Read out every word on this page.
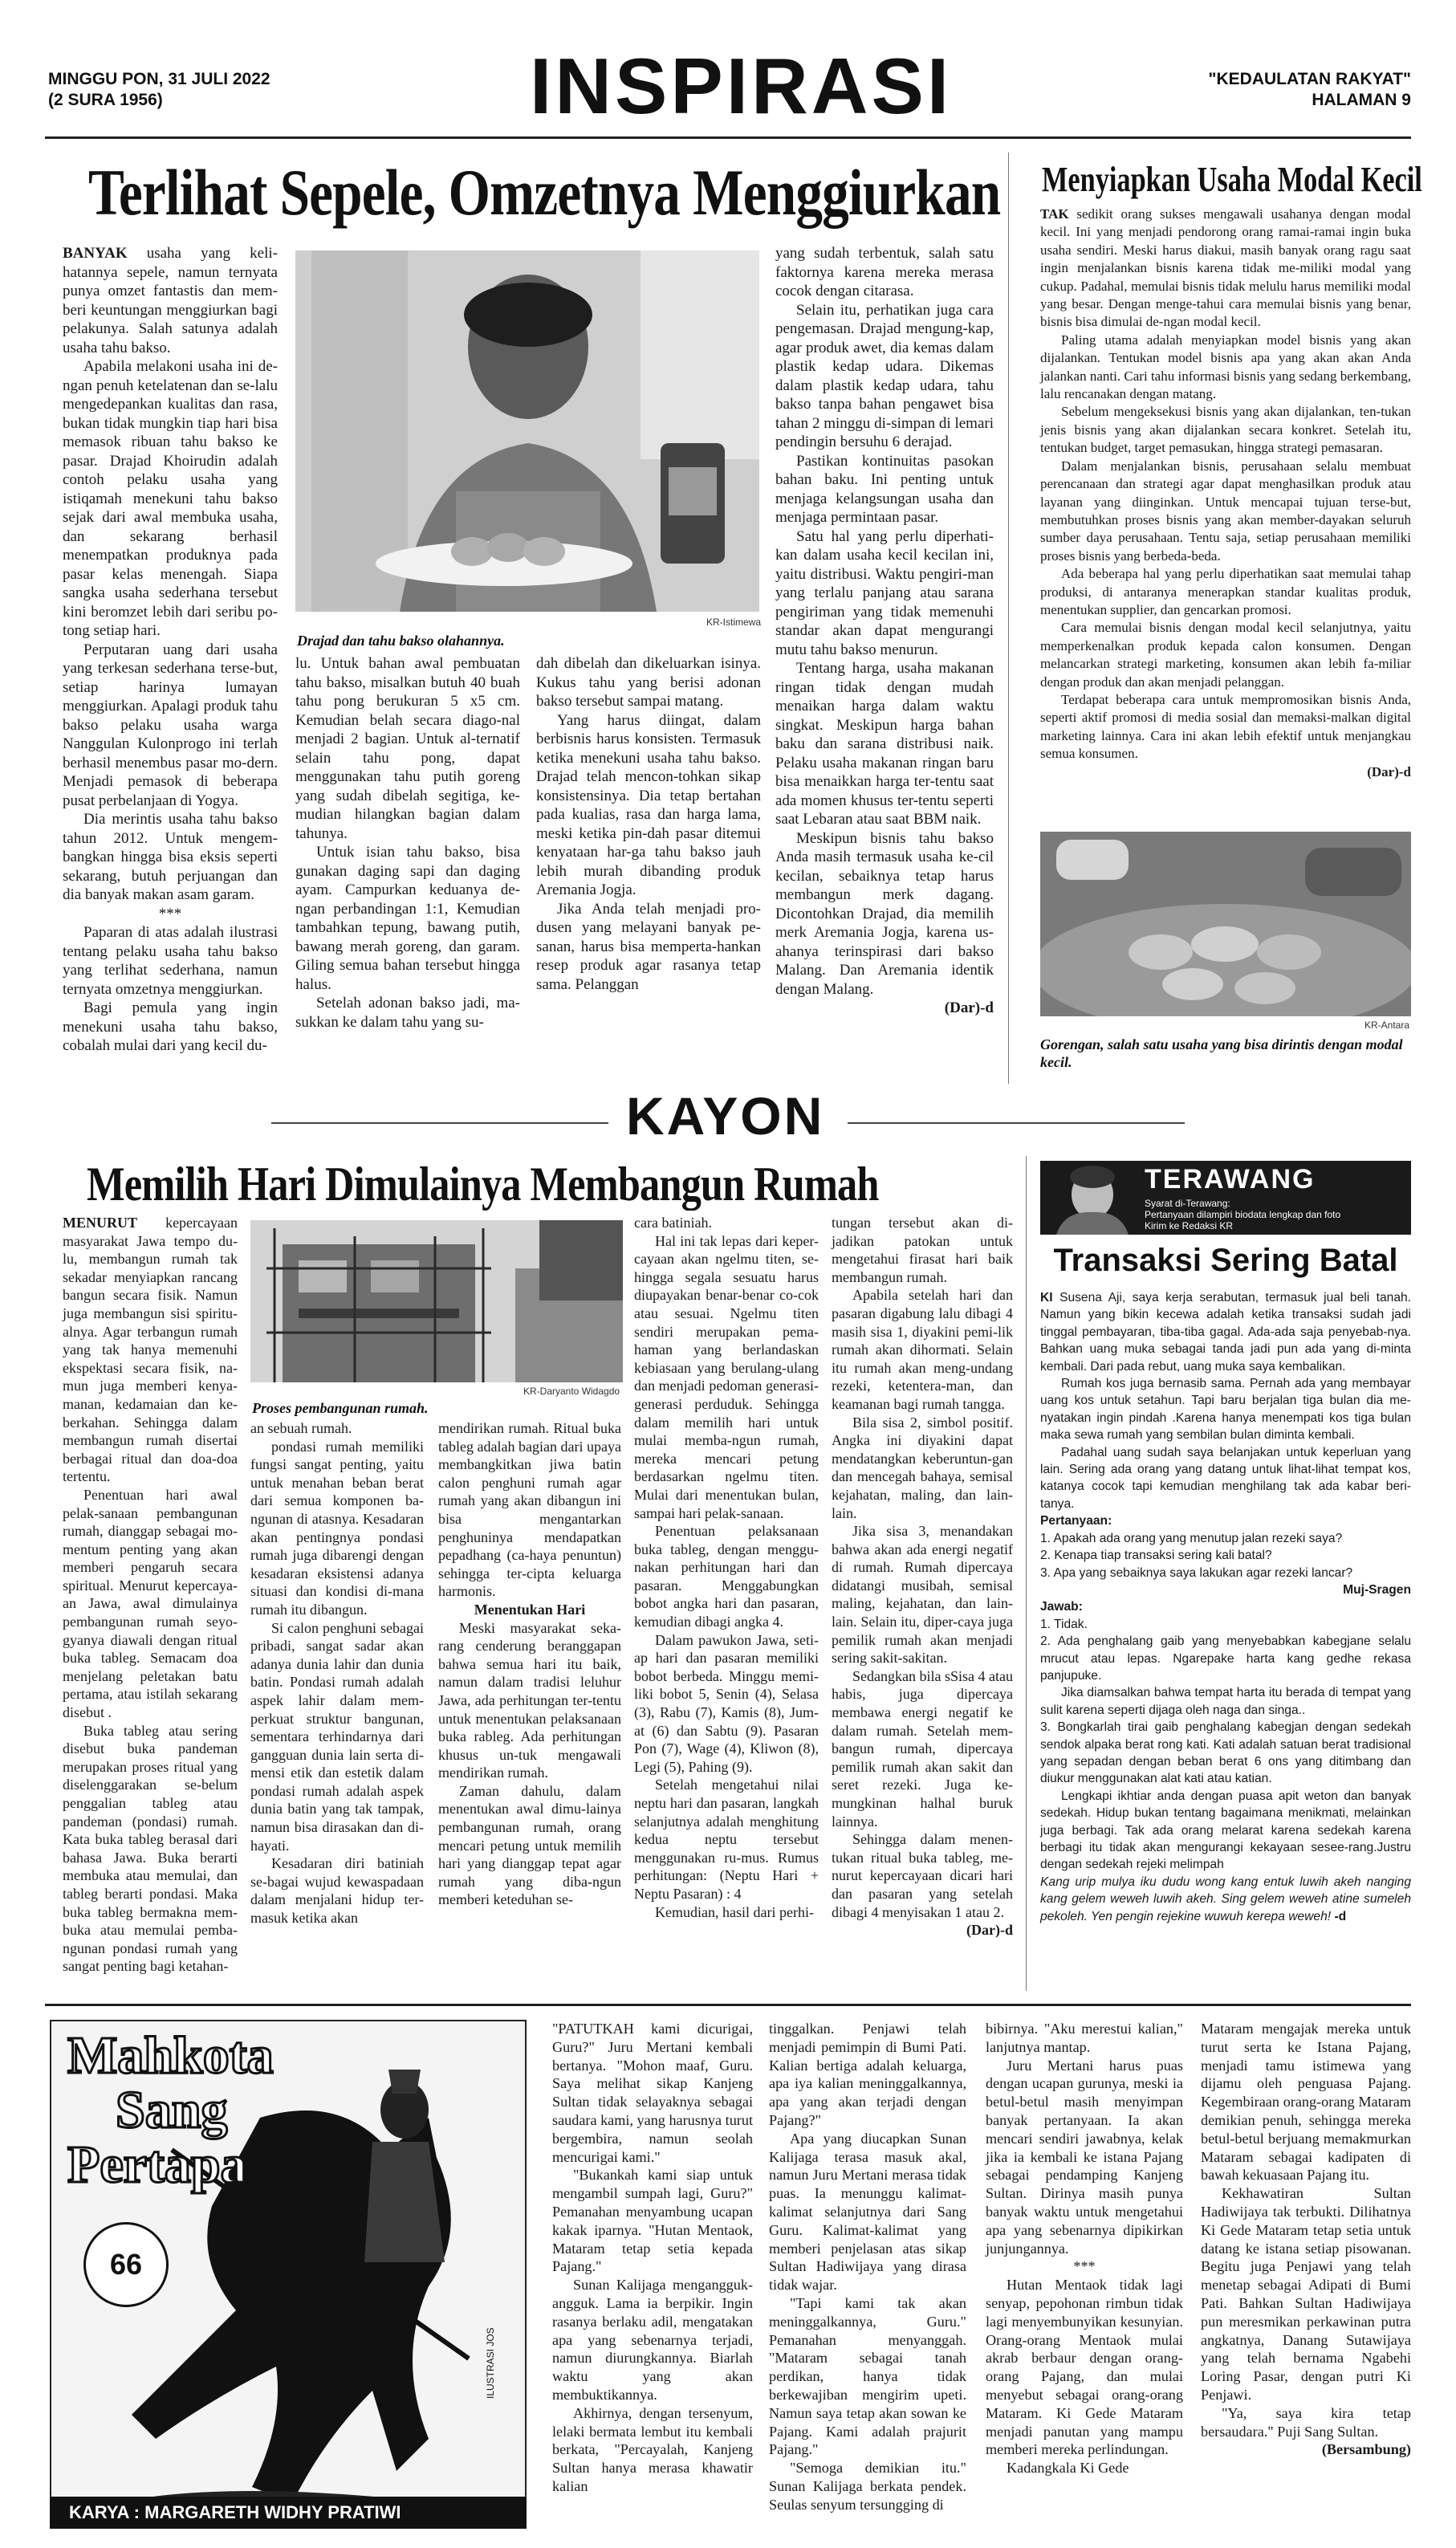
MINGGU PON, 31 JULI 2022
(2 SURA 1956)	INSPIRASI	"KEDAULATAN RAKYAT"
HALAMAN 9
Terlihat Sepele, Omzetnya Menggiurkan

BANYAK usaha yang keli-hatannya sepele, namun ternyata punya omzet fantastis dan mem-beri keuntungan menggiurkan bagi pelakunya. Salah satunya adalah usaha tahu bakso.

Apabila melakoni usaha ini de-ngan penuh ketelatenan dan se-lalu mengedepankan kualitas dan rasa, bukan tidak mungkin tiap hari bisa memasok ribuan tahu bakso ke pasar. Drajad Khoirudin adalah contoh pelaku usaha yang istiqamah menekuni tahu bakso sejak dari awal membuka usaha, dan sekarang berhasil menempatkan produknya pada pasar kelas menengah. Siapa sangka usaha sederhana tersebut kini beromzet lebih dari seribu po-tong setiap hari.

Perputaran uang dari usaha yang terkesan sederhana terse-but, setiap harinya lumayan menggiurkan. Apalagi produk tahu bakso pelaku usaha warga Nanggulan Kulonprogo ini terlah berhasil menembus pasar mo-dern. Menjadi pemasok di beberapa pusat perbelanjaan di Yogya.

Dia merintis usaha tahu bakso tahun 2012. Untuk mengem-bangkan hingga bisa eksis seperti sekarang, butuh perjuangan dan dia banyak makan asam garam.

***

Paparan di atas adalah ilustrasi tentang pelaku usaha tahu bakso yang terlihat sederhana, namun ternyata omzetnya menggiurkan.

Bagi pemula yang ingin menekuni usaha tahu bakso, cobalah mulai dari yang kecil du-

KR-Istimewa
Drajad dan tahu bakso olahannya.

lu. Untuk bahan awal pembuatan tahu bakso, misalkan butuh 40 buah tahu pong berukuran 5 x5 cm. Kemudian belah secara diago-nal menjadi 2 bagian. Untuk al-ternatif selain tahu pong, dapat menggunakan tahu putih goreng yang sudah dibelah segitiga, ke-mudian hilangkan bagian dalam tahunya.

Untuk isian tahu bakso, bisa gunakan daging sapi dan daging ayam. Campurkan keduanya de-ngan perbandingan 1:1, Kemudian tambahkan tepung, bawang putih, bawang merah goreng, dan garam. Giling semua bahan tersebut hingga halus.

Setelah adonan bakso jadi, ma-sukkan ke dalam tahu yang su-

dah dibelah dan dikeluarkan isinya. Kukus tahu yang berisi adonan bakso tersebut sampai matang.

Yang harus diingat, dalam berbisnis harus konsisten. Termasuk ketika menekuni usaha tahu bakso. Drajad telah mencon-tohkan sikap konsistensinya. Dia tetap bertahan pada kualias, rasa dan harga lama, meski ketika pin-dah pasar ditemui kenyataan har-ga tahu bakso jauh lebih murah dibanding produk Aremania Jogja.

Jika Anda telah menjadi pro-dusen yang melayani banyak pe-sanan, harus bisa memperta-hankan resep produk agar rasanya tetap sama. Pelanggan

yang sudah terbentuk, salah satu faktornya karena mereka merasa cocok dengan citarasa.

Selain itu, perhatikan juga cara pengemasan. Drajad mengung-kap, agar produk awet, dia kemas dalam plastik kedap udara. Dikemas dalam plastik kedap udara, tahu bakso tanpa bahan pengawet bisa tahan 2 minggu di-simpan di lemari pendingin bersuhu 6 derajad.

Pastikan kontinuitas pasokan bahan baku. Ini penting untuk menjaga kelangsungan usaha dan menjaga permintaan pasar.

Satu hal yang perlu diperhati-kan dalam usaha kecil kecilan ini, yaitu distribusi. Waktu pengiri-man yang terlalu panjang atau sarana pengiriman yang tidak memenuhi standar akan dapat mengurangi mutu tahu bakso menurun.

Tentang harga, usaha makanan ringan tidak dengan mudah menaikan harga dalam waktu singkat. Meskipun harga bahan baku dan sarana distribusi naik. Pelaku usaha makanan ringan baru bisa menaikkan harga ter-tentu saat ada momen khusus ter-tentu seperti saat Lebaran atau saat BBM naik.

Meskipun bisnis tahu bakso Anda masih termasuk usaha ke-cil kecilan, sebaiknya tetap harus membangun merk dagang. Dicontohkan Drajad, dia memilih merk Aremania Jogja, karena us-ahanya terinspirasi dari bakso Malang. Dan Aremania identik dengan Malang.

(Dar)-d

Menyiapkan Usaha Modal Kecil

TAK sedikit orang sukses mengawali usahanya dengan modal kecil. Ini yang menjadi pendorong orang ramai-ramai ingin buka usaha sendiri. Meski harus diakui, masih banyak orang ragu saat ingin menjalankan bisnis karena tidak me-miliki modal yang cukup. Padahal, memulai bisnis tidak melulu harus memiliki modal yang besar. Dengan menge-tahui cara memulai bisnis yang benar, bisnis bisa dimulai de-ngan modal kecil.

Paling utama adalah menyiapkan model bisnis yang akan dijalankan. Tentukan model bisnis apa yang akan akan Anda jalankan nanti. Cari tahu informasi bisnis yang sedang berkembang, lalu rencanakan dengan matang.

Sebelum mengeksekusi bisnis yang akan dijalankan, ten-tukan jenis bisnis yang akan dijalankan secara konkret. Setelah itu, tentukan budget, target pemasukan, hingga strategi pemasaran.

Dalam menjalankan bisnis, perusahaan selalu membuat perencanaan dan strategi agar dapat menghasilkan produk atau layanan yang diinginkan. Untuk mencapai tujuan terse-but, membutuhkan proses bisnis yang akan member-dayakan seluruh sumber daya perusahaan. Tentu saja, setiap perusahaan memiliki proses bisnis yang berbeda-beda.

Ada beberapa hal yang perlu diperhatikan saat memulai tahap produksi, di antaranya menerapkan standar kualitas produk, menentukan supplier, dan gencarkan promosi.

Cara memulai bisnis dengan modal kecil selanjutnya, yaitu memperkenalkan produk kepada calon konsumen. Dengan melancarkan strategi marketing, konsumen akan lebih fa-miliar dengan produk dan akan menjadi pelanggan.

Terdapat beberapa cara untuk mempromosikan bisnis Anda, seperti aktif promosi di media sosial dan memaksi-malkan digital marketing lainnya. Cara ini akan lebih efektif untuk menjangkau semua konsumen.

(Dar)-d

KR-Antara
Gorengan, salah satu usaha yang bisa dirintis dengan modal kecil.
KAYON
Memilih Hari Dimulainya Membangun Rumah

MENURUT kepercayaan masyarakat Jawa tempo du-lu, membangun rumah tak sekadar menyiapkan rancang bangun secara fisik. Namun juga membangun sisi spiritu-alnya. Agar terbangun rumah yang tak hanya memenuhi ekspektasi secara fisik, na-mun juga memberi kenya-manan, kedamaian dan ke-berkahan. Sehingga dalam membangun rumah disertai berbagai ritual dan doa-doa tertentu.

Penentuan hari awal pelak-sanaan pembangunan rumah, dianggap sebagai mo-mentum penting yang akan memberi pengaruh secara spiritual. Menurut kepercaya-an Jawa, awal dimulainya pembangunan rumah seyo-gyanya diawali dengan ritual buka tableg. Semacam doa menjelang peletakan batu pertama, atau istilah sekarang disebut .

Buka tableg atau sering disebut buka pandeman merupakan proses ritual yang diselenggarakan se-belum penggalian tableg atau pandeman (pondasi) rumah. Kata buka tableg berasal dari bahasa Jawa. Buka berarti membuka atau memulai, dan tableg berarti pondasi. Maka buka tableg bermakna mem-buka atau memulai pemba-ngunan pondasi rumah yang sangat penting bagi ketahan-

KR-Daryanto Widagdo
Proses pembangunan rumah.

an sebuah rumah.

pondasi rumah memiliki fungsi sangat penting, yaitu untuk menahan beban berat dari semua komponen ba-ngunan di atasnya. Kesadaran akan pentingnya pondasi rumah juga dibarengi dengan kesadaran eksistensi adanya situasi dan kondisi di-mana rumah itu dibangun.

Si calon penghuni sebagai pribadi, sangat sadar akan adanya dunia lahir dan dunia batin. Pondasi rumah adalah aspek lahir dalam mem-perkuat struktur bangunan, sementara terhindarnya dari gangguan dunia lain serta di-mensi etik dan estetik dalam pondasi rumah adalah aspek dunia batin yang tak tampak, namun bisa dirasakan dan di-hayati.

Kesadaran diri batiniah se-bagai wujud kewaspadaan dalam menjalani hidup ter-masuk ketika akan

mendirikan rumah. Ritual buka tableg adalah bagian dari upaya membangkitkan jiwa batin calon penghuni rumah agar rumah yang akan dibangun ini bisa mengantarkan penghuninya mendapatkan pepadhang (ca-haya penuntun) sehingga ter-cipta keluarga harmonis.

Menentukan Hari

Meski masyarakat seka-rang cenderung beranggapan bahwa semua hari itu baik, namun dalam tradisi leluhur Jawa, ada perhitungan ter-tentu untuk menentukan pelaksanaan buka rableg. Ada perhitungan khusus un-tuk mengawali mendirikan rumah.

Zaman dahulu, dalam menentukan awal dimu-lainya pembangunan rumah, orang mencari petung untuk memilih hari yang dianggap tepat agar rumah yang diba-ngun memberi keteduhan se-

cara batiniah.

Hal ini tak lepas dari keper-cayaan akan ngelmu titen, se-hingga segala sesuatu harus diupayakan benar-benar co-cok atau sesuai. Ngelmu titen sendiri merupakan pema-haman yang berlandaskan kebiasaan yang berulang-ulang dan menjadi pedoman generasi-generasi perduduk. Sehingga dalam memilih hari untuk mulai memba-ngun rumah, mereka mencari petung berdasarkan ngelmu titen. Mulai dari menentukan bulan, sampai hari pelak-sanaan.

Penentuan pelaksanaan buka tableg, dengan menggu-nakan perhitungan hari dan pasaran. Menggabungkan bobot angka hari dan pasaran, kemudian dibagi angka 4.

Dalam pawukon Jawa, seti-ap hari dan pasaran memiliki bobot berbeda. Minggu memi-liki bobot 5, Senin (4), Selasa (3), Rabu (7), Kamis (8), Jum-at (6) dan Sabtu (9). Pasaran Pon (7), Wage (4), Kliwon (8), Legi (5), Pahing (9).

Setelah mengetahui nilai neptu hari dan pasaran, langkah selanjutnya adalah menghitung kedua neptu tersebut menggunakan ru-mus. Rumus perhitungan: (Neptu Hari + Neptu Pasaran) : 4

Kemudian, hasil dari perhi-

tungan tersebut akan di-jadikan patokan untuk mengetahui firasat hari baik membangun rumah.

Apabila setelah hari dan pasaran digabung lalu dibagi 4 masih sisa 1, diyakini pemi-lik rumah akan dihormati. Selain itu rumah akan meng-undang rezeki, ketentera-man, dan keamanan bagi rumah tangga.

Bila sisa 2, simbol positif. Angka ini diyakini dapat mendatangkan keberuntun-gan dan mencegah bahaya, semisal kejahatan, maling, dan lain-lain.

Jika sisa 3, menandakan bahwa akan ada energi negatif di rumah. Rumah dipercaya didatangi musibah, semisal maling, kejahatan, dan lain-lain. Selain itu, diper-caya juga pemilik rumah akan menjadi sering sakit-sakitan.

Sedangkan bila sSisa 4 atau habis, juga dipercaya membawa energi negatif ke dalam rumah. Setelah mem-bangun rumah, dipercaya pemilik rumah akan sakit dan seret rezeki. Juga ke-mungkinan halhal buruk lainnya.

Sehingga dalam menen-tukan ritual buka tableg, me-nurut kepercayaan dicari hari dan pasaran yang setelah dibagi 4 menyisakan 1 atau 2.

(Dar)-d

TERAWANG
Syarat di-Terawang:
Pertanyaan dilampiri biodata lengkap dan foto
Kirim ke Redaksi KR
Transaksi Sering Batal

KI Susena Aji, saya kerja serabutan, termasuk jual beli tanah. Namun yang bikin kecewa adalah ketika transaksi sudah jadi tinggal pembayaran, tiba-tiba gagal. Ada-ada saja penyebab-nya. Bahkan uang muka sebagai tanda jadi pun ada yang di-minta kembali. Dari pada rebut, uang muka saya kembalikan.

Rumah kos juga bernasib sama. Pernah ada yang membayar uang kos untuk setahun. Tapi baru berjalan tiga bulan dia me-nyatakan ingin pindah .Karena hanya menempati kos tiga bulan maka sewa rumah yang sembilan bulan diminta kembali.

Padahal uang sudah saya belanjakan untuk keperluan yang lain. Sering ada orang yang datang untuk lihat-lihat tempat kos, katanya cocok tapi kemudian menghilang tak ada kabar beri-tanya.

Pertanyaan:

1. Apakah ada orang yang menutup jalan rezeki saya?

2. Kenapa tiap transaksi sering kali batal?

3. Apa yang sebaiknya saya lakukan agar rezeki lancar?

Muj-Sragen

Jawab:

1. Tidak.

2. Ada penghalang gaib yang menyebabkan kabegjane selalu mrucut atau lepas. Ngarepake harta kang gedhe rekasa panjupuke.

Jika diamsalkan bahwa tempat harta itu berada di tempat yang sulit karena seperti dijaga oleh naga dan singa..

3. Bongkarlah tirai gaib penghalang kabegjan dengan sedekah sendok alpaka berat rong kati. Kati adalah satuan berat tradisional yang sepadan dengan beban berat 6 ons yang ditimbang dan diukur menggunakan alat kati atau katian.

Lengkapi ikhtiar anda dengan puasa apit weton dan banyak sedekah. Hidup bukan tentang bagaimana menikmati, melainkan juga berbagi. Tak ada orang melarat karena sedekah karena berbagi itu tidak akan mengurangi kekayaan sesee-rang.Justru dengan sedekah rejeki melimpah

Kang urip mulya iku dudu wong kang entuk luwih akeh nanging kang gelem weweh luwih akeh. Sing gelem weweh atine sumeleh pekoleh. Yen pengin rejekine wuwuh kerepa weweh! -d

Mahkota
Sang
Pertapa
66
ILUSTRASI JOS
KARYA : MARGARETH WIDHY PRATIWI

"PATUTKAH kami dicurigai, Guru?" Juru Mertani kembali bertanya. "Mohon maaf, Guru. Saya melihat sikap Kanjeng Sultan tidak selayaknya sebagai saudara kami, yang harusnya turut bergembira, namun seolah mencurigai kami."

"Bukankah kami siap untuk mengambil sumpah lagi, Guru?" Pemanahan menyambung ucapan kakak iparnya. "Hutan Mentaok, Mataram tetap setia kepada Pajang."

Sunan Kalijaga mengangguk-angguk. Lama ia berpikir. Ingin rasanya berlaku adil, mengatakan apa yang sebenarnya terjadi, namun diurungkannya. Biarlah waktu yang akan membuktikannya.

Akhirnya, dengan tersenyum, lelaki bermata lembut itu kembali berkata, "Percayalah, Kanjeng Sultan hanya merasa khawatir kalian

tinggalkan. Penjawi telah menjadi pemimpin di Bumi Pati. Kalian bertiga adalah keluarga, apa iya kalian meninggalkannya, apa yang akan terjadi dengan Pajang?"

Apa yang diucapkan Sunan Kalijaga terasa masuk akal, namun Juru Mertani merasa tidak puas. Ia menunggu kalimat-kalimat selanjutnya dari Sang Guru. Kalimat-kalimat yang memberi penjelasan atas sikap Sultan Hadiwijaya yang dirasa tidak wajar.

"Tapi kami tak akan meninggalkannya, Guru." Pemanahan menyanggah. "Mataram sebagai tanah perdikan, hanya tidak berkewajiban mengirim upeti. Namun saya tetap akan sowan ke Pajang. Kami adalah prajurit Pajang."

"Semoga demikian itu." Sunan Kalijaga berkata pendek. Seulas senyum tersungging di

bibirnya. "Aku merestui kalian," lanjutnya mantap.

Juru Mertani harus puas dengan ucapan gurunya, meski ia betul-betul masih menyimpan banyak pertanyaan. Ia akan mencari sendiri jawabnya, kelak jika ia kembali ke istana Pajang sebagai pendamping Kanjeng Sultan. Dirinya masih punya banyak waktu untuk mengetahui apa yang sebenarnya dipikirkan junjungannya.

***

Hutan Mentaok tidak lagi senyap, pepohonan rimbun tidak lagi menyembunyikan kesunyian. Orang-orang Mentaok mulai akrab berbaur dengan orang-orang Pajang, dan mulai menyebut sebagai orang-orang Mataram. Ki Gede Mataram menjadi panutan yang mampu memberi mereka perlindungan.

Kadangkala Ki Gede

Mataram mengajak mereka untuk turut serta ke Istana Pajang, menjadi tamu istimewa yang dijamu oleh penguasa Pajang. Kegembiraan orang-orang Mataram demikian penuh, sehingga mereka betul-betul berjuang memakmurkan Mataram sebagai kadipaten di bawah kekuasaan Pajang itu.

Kekhawatiran Sultan Hadiwijaya tak terbukti. Dilihatnya Ki Gede Mataram tetap setia untuk datang ke istana setiap pisowanan. Begitu juga Penjawi yang telah menetap sebagai Adipati di Bumi Pati. Bahkan Sultan Hadiwijaya pun meresmikan perkawinan putra angkatnya, Danang Sutawijaya yang telah bernama Ngabehi Loring Pasar, dengan putri Ki Penjawi.

"Ya, saya kira tetap bersaudara." Puji Sang Sultan.

(Bersambung)
